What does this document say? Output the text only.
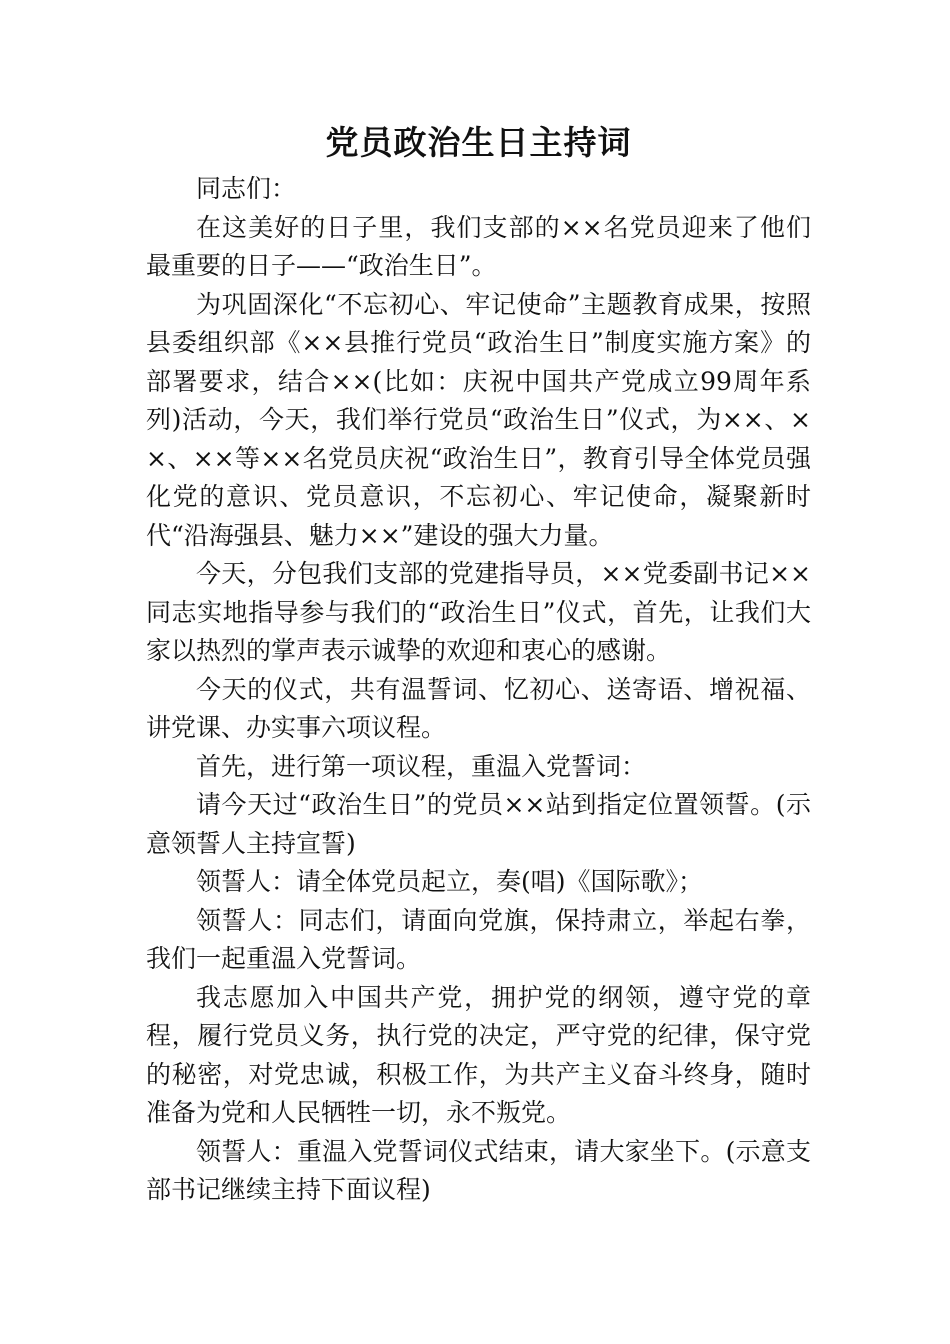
党员政治生日主持词

同志们：

在这美好的日子里，我们支部的××名党员迎来了他们最重要的日子——“政治生日”。

为巩固深化“不忘初心、牢记使命”主题教育成果，按照县委组织部《××县推行党员“政治生日”制度实施方案》的部署要求，结合××(比如：庆祝中国共产党成立99周年系列)活动，今天，我们举行党员“政治生日”仪式，为××、××、××等××名党员庆祝“政治生日”，教育引导全体党员强化党的意识、党员意识，不忘初心、牢记使命，凝聚新时代“沿海强县、魅力××”建设的强大力量。

今天，分包我们支部的党建指导员，××党委副书记××同志实地指导参与我们的“政治生日”仪式，首先，让我们大家以热烈的掌声表示诚挚的欢迎和衷心的感谢。

今天的仪式，共有温誓词、忆初心、送寄语、增祝福、讲党课、办实事六项议程。

首先，进行第一项议程，重温入党誓词：

请今天过“政治生日”的党员××站到指定位置领誓。(示意领誓人主持宣誓)

领誓人：请全体党员起立，奏(唱)《国际歌》；

领誓人：同志们，请面向党旗，保持肃立，举起右拳，我们一起重温入党誓词。

我志愿加入中国共产党，拥护党的纲领，遵守党的章程，履行党员义务，执行党的决定，严守党的纪律，保守党的秘密，对党忠诚，积极工作，为共产主义奋斗终身，随时准备为党和人民牺牲一切，永不叛党。

领誓人：重温入党誓词仪式结束，请大家坐下。(示意支部书记继续主持下面议程)
